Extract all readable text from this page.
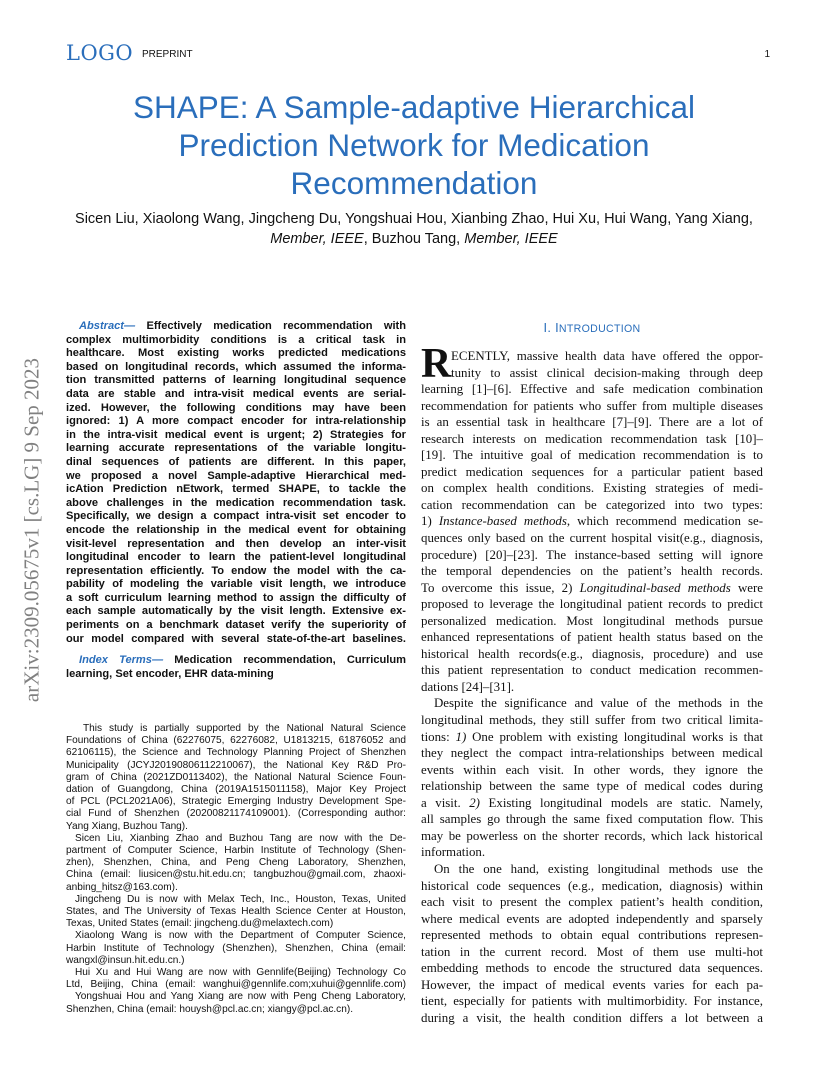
LOGO PREPRINT	1
SHAPE: A Sample-adaptive Hierarchical
Prediction Network for Medication
Recommendation
Sicen Liu, Xiaolong Wang, Jingcheng Du, Yongshuai Hou, Xianbing Zhao, Hui Xu, Hui Wang, Yang Xiang,
Member, IEEE, Buzhou Tang, Member, IEEE
arXiv:2309.05675v1 [cs.LG] 9 Sep 2023
Abstract— Effectively medication recommendation with
complex multimorbidity conditions is a critical task in
healthcare. Most existing works predicted medications
based on longitudinal records, which assumed the informa-
tion transmitted patterns of learning longitudinal sequence
data are stable and intra-visit medical events are serial-
ized. However, the following conditions may have been
ignored: 1) A more compact encoder for intra-relationship
in the intra-visit medical event is urgent; 2) Strategies for
learning accurate representations of the variable longitu-
dinal sequences of patients are different. In this paper,
we proposed a novel Sample-adaptive Hierarchical med-
icAtion Prediction nEtwork, termed SHAPE, to tackle the
above challenges in the medication recommendation task.
Specifically, we design a compact intra-visit set encoder to
encode the relationship in the medical event for obtaining
visit-level representation and then develop an inter-visit
longitudinal encoder to learn the patient-level longitudinal
representation efficiently. To endow the model with the ca-
pability of modeling the variable visit length, we introduce
a soft curriculum learning method to assign the difficulty of
each sample automatically by the visit length. Extensive ex-
periments on a benchmark dataset verify the superiority of
our model compared with several state-of-the-art baselines.
Index Terms— Medication recommendation, Curriculum
learning, Set encoder, EHR data-mining
This study is partially supported by the National Natural Science
Foundations of China (62276075, 62276082, U1813215, 61876052 and
62106115), the Science and Technology Planning Project of Shenzhen
Municipality (JCYJ20190806112210067), the National Key R&D Pro-
gram of China (2021ZD0113402), the National Natural Science Foun-
dation of Guangdong, China (2019A1515011158), Major Key Project
of PCL (PCL2021A06), Strategic Emerging Industry Development Spe-
cial Fund of Shenzhen (20200821174109001). (Corresponding author:
Yang Xiang, Buzhou Tang).
Sicen Liu, Xianbing Zhao and Buzhou Tang are now with the De-
partment of Computer Science, Harbin Institute of Technology (Shen-
zhen), Shenzhen, China, and Peng Cheng Laboratory, Shenzhen,
China (email: liusicen@stu.hit.edu.cn; tangbuzhou@gmail.com, zhaoxi-
anbing_hitsz@163.com).
Jingcheng Du is now with Melax Tech, Inc., Houston, Texas, United
States, and The University of Texas Health Science Center at Houston,
Texas, United States (email: jingcheng.du@melaxtech.com)
Xiaolong Wang is now with the Department of Computer Science,
Harbin Institute of Technology (Shenzhen), Shenzhen, China (email:
wangxl@insun.hit.edu.cn.)
Hui Xu and Hui Wang are now with Gennlife(Beijing) Technology Co
Ltd, Beijing, China (email: wanghui@gennlife.com;xuhui@gennlife.com)
Yongshuai Hou and Yang Xiang are now with Peng Cheng Laboratory,
Shenzhen, China (email: houysh@pcl.ac.cn; xiangy@pcl.ac.cn).
I. INTRODUCTION
R ECENTLY, massive health data have offered the oppor-
tunity to assist clinical decision-making through deep
learning [1]–[6]. Effective and safe medication combination
recommendation for patients who suffer from multiple diseases
is an essential task in healthcare [7]–[9]. There are a lot of
research interests on medication recommendation task [10]–
[19]. The intuitive goal of medication recommendation is to
predict medication sequences for a particular patient based
on complex health conditions. Existing strategies of medi-
cation recommendation can be categorized into two types:
1) Instance-based methods, which recommend medication se-
quences only based on the current hospital visit(e.g., diagnosis,
procedure) [20]–[23]. The instance-based setting will ignore
the temporal dependencies on the patient’s health records.
To overcome this issue, 2) Longitudinal-based methods were
proposed to leverage the longitudinal patient records to predict
personalized medication. Most longitudinal methods pursue
enhanced representations of patient health status based on the
historical health records(e.g., diagnosis, procedure) and use
this patient representation to conduct medication recommen-
dations [24]–[31].
Despite the significance and value of the methods in the
longitudinal methods, they still suffer from two critical limita-
tions: 1) One problem with existing longitudinal works is that
they neglect the compact intra-relationships between medical
events within each visit. In other words, they ignore the
relationship between the same type of medical codes during
a visit. 2) Existing longitudinal models are static. Namely,
all samples go through the same fixed computation flow. This
may be powerless on the shorter records, which lack historical
information.
On the one hand, existing longitudinal methods use the
historical code sequences (e.g., medication, diagnosis) within
each visit to present the complex patient’s health condition,
where medical events are adopted independently and sparsely
represented methods to obtain equal contributions represen-
tation in the current record. Most of them use multi-hot
embedding methods to encode the structured data sequences.
However, the impact of medical events varies for each pa-
tient, especially for patients with multimorbidity. For instance,
during a visit, the health condition differs a lot between a
